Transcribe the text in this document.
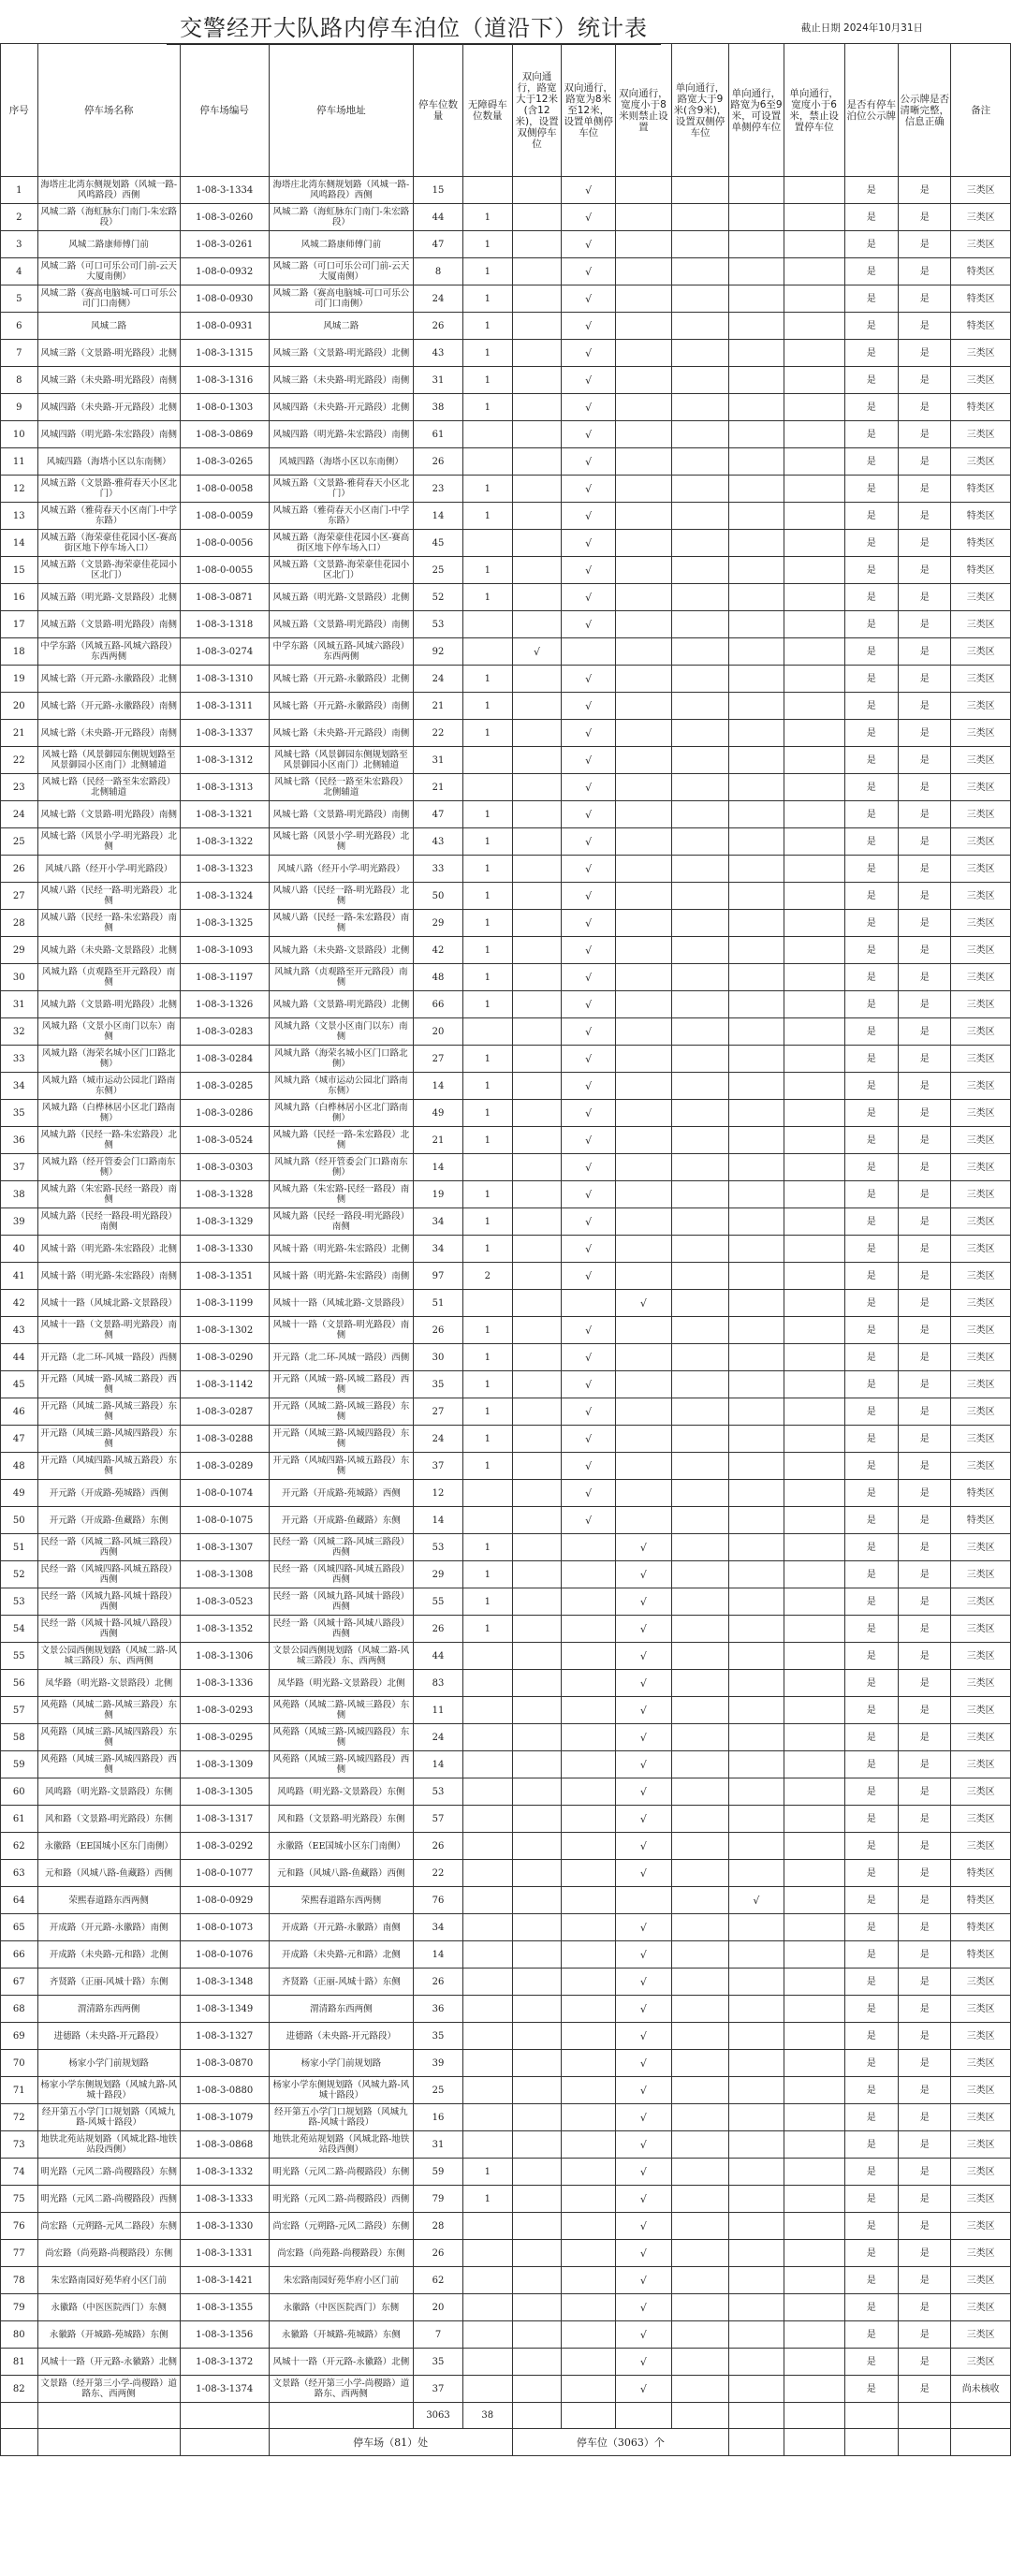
交警经开大队路内停车泊位（道沿下）统计表	截止日期 2024年10月31日
序号	停车场名称	停车场编号	停车场地址	停车位数量	无障碍车位数量	双向通行，路宽大于12米(含12米)，设置双侧停车位	双向通行，路宽为8米至12米，设置单侧停车位	双向通行，宽度小于8米则禁止设置	单向通行，路宽大于9米(含9米)，设置双侧停车位	单向通行，路宽为6至9米，可设置单侧停车位	单向通行，宽度小于6米，禁止设置停车位	是否有停车泊位公示牌	公示牌是否清晰完整，信息正确	备注
1	海塔庄北湾东侧规划路（风城一路-风鸣路段）西侧	1-08-3-1334	海塔庄北湾东侧规划路（风城一路-风鸣路段）西侧	15			√					是	是	三类区
2	风城二路（海虹脉东门南门-朱宏路段）	1-08-3-0260	风城二路（海虹脉东门南门-朱宏路段）	44	1		√					是	是	三类区
3	风城二路康师傅门前	1-08-3-0261	风城二路康师傅门前	47	1		√					是	是	三类区
4	风城二路（可口可乐公司门前-云天大厦南侧）	1-08-0-0932	风城二路（可口可乐公司门前-云天大厦南侧）	8	1		√					是	是	特类区
5	风城二路（赛高电脑城-可口可乐公司门口南侧）	1-08-0-0930	风城二路（赛高电脑城-可口可乐公司门口南侧）	24	1		√					是	是	特类区
6	风城二路	1-08-0-0931	风城二路	26	1		√					是	是	特类区
7	风城三路（文景路-明光路段）北侧	1-08-3-1315	风城三路（文景路-明光路段）北侧	43	1		√					是	是	三类区
8	风城三路（未央路-明光路段）南侧	1-08-3-1316	风城三路（未央路-明光路段）南侧	31	1		√					是	是	三类区
9	风城四路（未央路-开元路段）北侧	1-08-0-1303	风城四路（未央路-开元路段）北侧	38	1		√					是	是	特类区
10	风城四路（明光路-朱宏路段）南侧	1-08-3-0869	风城四路（明光路-朱宏路段）南侧	61			√					是	是	三类区
11	风城四路（海塔小区以东南侧）	1-08-3-0265	风城四路（海塔小区以东南侧）	26			√					是	是	三类区
12	风城五路（文景路-雅荷春天小区北门）	1-08-0-0058	风城五路（文景路-雅荷春天小区北门）	23	1		√					是	是	特类区
13	风城五路（雅荷春天小区南门-中学东路）	1-08-0-0059	风城五路（雅荷春天小区南门-中学东路）	14	1		√					是	是	特类区
14	风城五路（海荣豪佳花园小区-赛高街区地下停车场入口）	1-08-0-0056	风城五路（海荣豪佳花园小区-赛高街区地下停车场入口）	45			√					是	是	特类区
15	风城五路（文景路-海荣豪佳花园小区北门）	1-08-0-0055	风城五路（文景路-海荣豪佳花园小区北门）	25	1		√					是	是	特类区
16	风城五路（明光路-文景路段）北侧	1-08-3-0871	风城五路（明光路-文景路段）北侧	52	1		√					是	是	三类区
17	风城五路（文景路-明光路段）南侧	1-08-3-1318	风城五路（文景路-明光路段）南侧	53			√					是	是	三类区
18	中学东路（风城五路-风城六路段）东西两侧	1-08-3-0274	中学东路（风城五路-风城六路段）东西两侧	92		√						是	是	三类区
19	风城七路（开元路-永徽路段）北侧	1-08-3-1310	风城七路（开元路-永徽路段）北侧	24	1		√					是	是	三类区
20	风城七路（开元路-永徽路段）南侧	1-08-3-1311	风城七路（开元路-永徽路段）南侧	21	1		√					是	是	三类区
21	风城七路（未央路-开元路段）南侧	1-08-3-1337	风城七路（未央路-开元路段）南侧	22	1		√					是	是	三类区
22	风城七路（风景御园东侧规划路至风景御园小区南门）北侧辅道	1-08-3-1312	风城七路（风景御园东侧规划路至风景御园小区南门）北侧辅道	31			√					是	是	三类区
23	风城七路（民经一路至朱宏路段）北侧辅道	1-08-3-1313	风城七路（民经一路至朱宏路段）北侧辅道	21			√					是	是	三类区
24	风城七路（文景路-明光路段）南侧	1-08-3-1321	风城七路（文景路-明光路段）南侧	47	1		√					是	是	三类区
25	风城七路（风景小学-明光路段）北侧	1-08-3-1322	风城七路（风景小学-明光路段）北侧	43	1		√					是	是	三类区
26	风城八路（经开小学-明光路段）	1-08-3-1323	风城八路（经开小学-明光路段）	33	1		√					是	是	三类区
27	风城八路（民经一路-明光路段）北侧	1-08-3-1324	风城八路（民经一路-明光路段）北侧	50	1		√					是	是	三类区
28	风城八路（民经一路-朱宏路段）南侧	1-08-3-1325	风城八路（民经一路-朱宏路段）南侧	29	1		√					是	是	三类区
29	风城九路（未央路-文景路段）北侧	1-08-3-1093	风城九路（未央路-文景路段）北侧	42	1		√					是	是	三类区
30	风城九路（贞观路至开元路段）南侧	1-08-3-1197	风城九路（贞观路至开元路段）南侧	48	1		√					是	是	三类区
31	风城九路（文景路-明光路段）北侧	1-08-3-1326	风城九路（文景路-明光路段）北侧	66	1		√					是	是	三类区
32	风城九路（文景小区南门以东）南侧	1-08-3-0283	风城九路（文景小区南门以东）南侧	20			√					是	是	三类区
33	风城九路（海荣名城小区门口路北侧）	1-08-3-0284	风城九路（海荣名城小区门口路北侧）	27	1		√					是	是	三类区
34	风城九路（城市运动公园北门路南东侧）	1-08-3-0285	风城九路（城市运动公园北门路南东侧）	14	1		√					是	是	三类区
35	风城九路（白桦林居小区北门路南侧）	1-08-3-0286	风城九路（白桦林居小区北门路南侧）	49	1		√					是	是	三类区
36	风城九路（民经一路-朱宏路段）北侧	1-08-3-0524	风城九路（民经一路-朱宏路段）北侧	21	1		√					是	是	三类区
37	风城九路（经开管委会门口路南东侧）	1-08-3-0303	风城九路（经开管委会门口路南东侧）	14			√					是	是	三类区
38	风城九路（朱宏路-民经一路段）南侧	1-08-3-1328	风城九路（朱宏路-民经一路段）南侧	19	1		√					是	是	三类区
39	风城九路（民经一路段-明光路段）南侧	1-08-3-1329	风城九路（民经一路段-明光路段）南侧	34	1		√					是	是	三类区
40	风城十路（明光路-朱宏路段）北侧	1-08-3-1330	风城十路（明光路-朱宏路段）北侧	34	1		√					是	是	三类区
41	风城十路（明光路-朱宏路段）南侧	1-08-3-1351	风城十路（明光路-朱宏路段）南侧	97	2		√					是	是	三类区
42	风城十一路（风城北路-文景路段）	1-08-3-1199	风城十一路（风城北路-文景路段）	51				√				是	是	三类区
43	风城十一路（文景路-明光路段）南侧	1-08-3-1302	风城十一路（文景路-明光路段）南侧	26	1		√					是	是	三类区
44	开元路（北二环-风城一路段）西侧	1-08-3-0290	开元路（北二环-风城一路段）西侧	30	1		√					是	是	三类区
45	开元路（风城一路-风城二路段）西侧	1-08-3-1142	开元路（风城一路-风城二路段）西侧	35	1		√					是	是	三类区
46	开元路（风城二路-风城三路段）东侧	1-08-3-0287	开元路（风城二路-风城三路段）东侧	27	1		√					是	是	三类区
47	开元路（风城三路-风城四路段）东侧	1-08-3-0288	开元路（风城三路-风城四路段）东侧	24	1		√					是	是	三类区
48	开元路（风城四路-风城五路段）东侧	1-08-3-0289	开元路（风城四路-风城五路段）东侧	37	1		√					是	是	三类区
49	开元路（开成路-苑城路）西侧	1-08-0-1074	开元路（开成路-苑城路）西侧	12			√					是	是	特类区
50	开元路（开成路-鱼藏路）东侧	1-08-0-1075	开元路（开成路-鱼藏路）东侧	14			√					是	是	特类区
51	民经一路（风城二路-风城三路段）西侧	1-08-3-1307	民经一路（风城二路-风城三路段）西侧	53	1			√				是	是	三类区
52	民经一路（风城四路-风城五路段）西侧	1-08-3-1308	民经一路（风城四路-风城五路段）西侧	29	1			√				是	是	三类区
53	民经一路（风城九路-风城十路段）西侧	1-08-3-0523	民经一路（风城九路-风城十路段）西侧	55	1			√				是	是	三类区
54	民经一路（风城十路-风城八路段）西侧	1-08-3-1352	民经一路（风城十路-风城八路段）西侧	26	1			√				是	是	三类区
55	文景公园西侧规划路（风城二路-风城三路段）东、西两侧	1-08-3-1306	文景公园西侧规划路（风城二路-风城三路段）东、西两侧	44				√				是	是	三类区
56	凤华路（明光路-文景路段）北侧	1-08-3-1336	凤华路（明光路-文景路段）北侧	83				√				是	是	三类区
57	风苑路（风城二路-风城三路段）东侧	1-08-3-0293	风苑路（风城二路-风城三路段）东侧	11				√				是	是	三类区
58	风苑路（风城三路-风城四路段）东侧	1-08-3-0295	风苑路（风城三路-风城四路段）东侧	24				√				是	是	三类区
59	风苑路（风城三路-风城四路段）西侧	1-08-3-1309	风苑路（风城三路-风城四路段）西侧	14				√				是	是	三类区
60	风鸣路（明光路-文景路段）东侧	1-08-3-1305	风鸣路（明光路-文景路段）东侧	53				√				是	是	三类区
61	风和路（文景路-明光路段）东侧	1-08-3-1317	风和路（文景路-明光路段）东侧	57				√				是	是	三类区
62	永徽路（EE国城小区东门南侧）	1-08-3-0292	永徽路（EE国城小区东门南侧）	26				√				是	是	三类区
63	元和路（风城八路-鱼藏路）西侧	1-08-0-1077	元和路（风城八路-鱼藏路）西侧	22				√				是	是	特类区
64	荣熙春道路东西两侧	1-08-0-0929	荣熙春道路东西两侧	76						√		是	是	特类区
65	开成路（开元路-永徽路）南侧	1-08-0-1073	开成路（开元路-永徽路）南侧	34				√				是	是	特类区
66	开成路（未央路-元和路）北侧	1-08-0-1076	开成路（未央路-元和路）北侧	14				√				是	是	特类区
67	齐贤路（正丽-风城十路）东侧	1-08-3-1348	齐贤路（正丽-风城十路）东侧	26				√				是	是	三类区
68	渭清路东西两侧	1-08-3-1349	渭清路东西两侧	36				√				是	是	三类区
69	进德路（未央路-开元路段）	1-08-3-1327	进德路（未央路-开元路段）	35				√				是	是	三类区
70	杨家小学门前规划路	1-08-3-0870	杨家小学门前规划路	39				√				是	是	三类区
71	杨家小学东侧规划路（风城九路-风城十路段）	1-08-3-0880	杨家小学东侧规划路（风城九路-风城十路段）	25				√				是	是	三类区
72	经开第五小学门口规划路（风城九路-风城十路段）	1-08-3-1079	经开第五小学门口规划路（风城九路-风城十路段）	16				√				是	是	三类区
73	地铁北苑站规划路（风城北路-地铁站段西侧）	1-08-3-0868	地铁北苑站规划路（风城北路-地铁站段西侧）	31				√				是	是	三类区
74	明光路（元风二路-尚稷路段）东侧	1-08-3-1332	明光路（元风二路-尚稷路段）东侧	59	1			√				是	是	三类区
75	明光路（元风二路-尚稷路段）西侧	1-08-3-1333	明光路（元风二路-尚稷路段）西侧	79	1			√				是	是	三类区
76	尚宏路（元朔路-元风二路段）东侧	1-08-3-1330	尚宏路（元朔路-元风二路段）东侧	28				√				是	是	三类区
77	尚宏路（尚苑路-尚稷路段）东侧	1-08-3-1331	尚宏路（尚苑路-尚稷路段）东侧	26				√				是	是	三类区
78	朱宏路南园好苑华府小区门前	1-08-3-1421	朱宏路南园好苑华府小区门前	62				√				是	是	三类区
79	永徽路（中医医院西门）东侧	1-08-3-1355	永徽路（中医医院西门）东侧	20				√				是	是	三类区
80	永徽路（开城路-苑城路）东侧	1-08-3-1356	永徽路（开城路-苑城路）东侧	7				√				是	是	三类区
81	风城十一路（开元路-永徽路）北侧	1-08-3-1372	风城十一路（开元路-永徽路）北侧	35				√				是	是	三类区
82	文景路（经开第三小学-尚稷路）道路东、西两侧	1-08-3-1374	文景路（经开第三小学-尚稷路）道路东、西两侧	37				√				是	是	尚未核收
				3063	38									
			停车场（81）处			停车位（3063）个								
